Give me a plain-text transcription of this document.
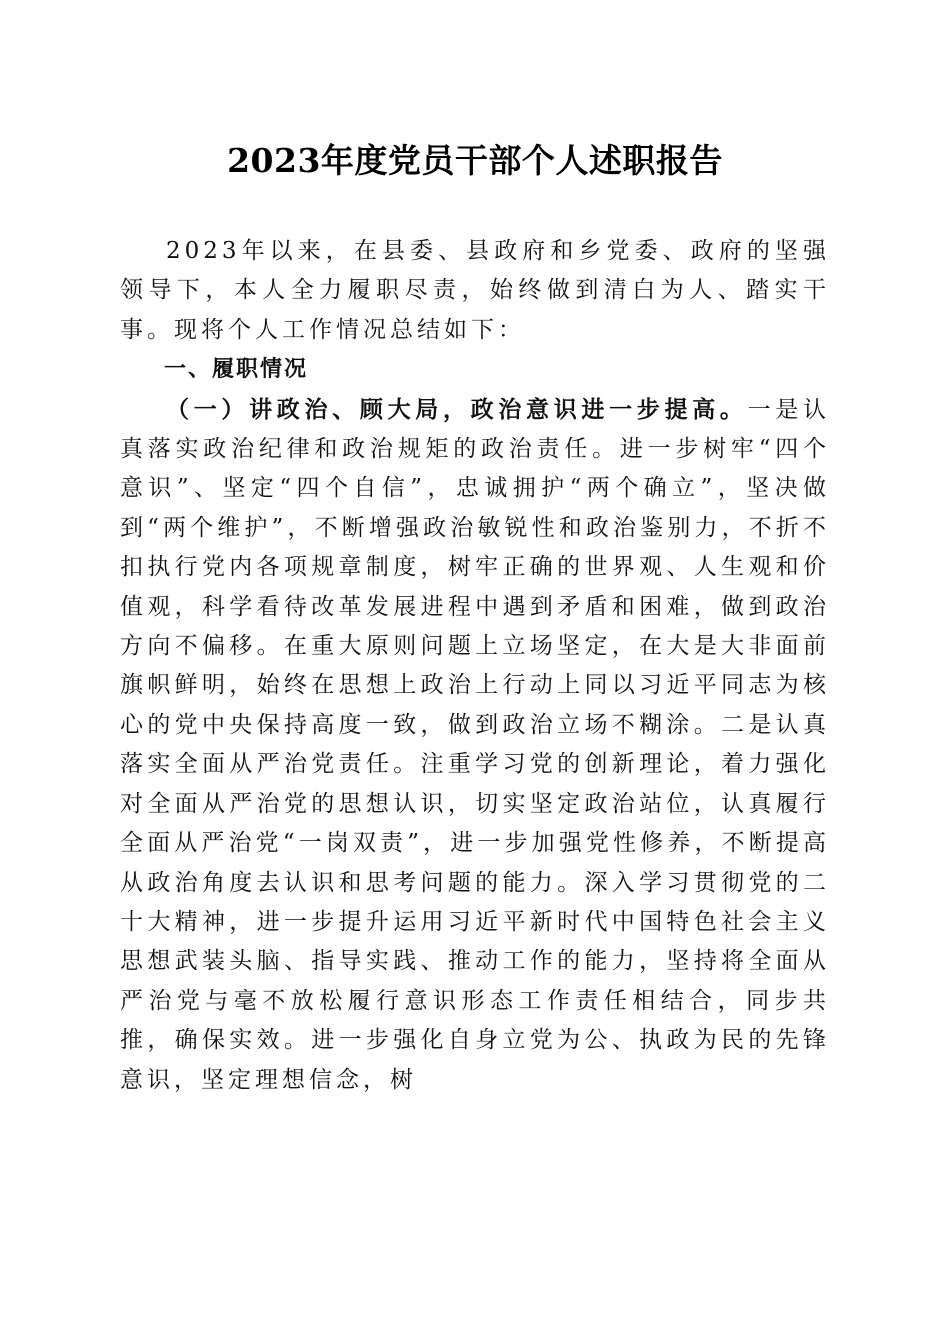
2023年度党员干部个人述职报告

2023年以来，在县委、县政府和乡党委、政府的坚强领导下，本人全力履职尽责，始终做到清白为人、踏实干事。现将个人工作情况总结如下：

一、履职情况

（一）讲政治、顾大局，政治意识进一步提高。一是认真落实政治纪律和政治规矩的政治责任。进一步树牢“四个意识”、坚定“四个自信”，忠诚拥护“两个确立”，坚决做到“两个维护”，不断增强政治敏锐性和政治鉴别力，不折不扣执行党内各项规章制度，树牢正确的世界观、人生观和价值观，科学看待改革发展进程中遇到矛盾和困难，做到政治方向不偏移。在重大原则问题上立场坚定，在大是大非面前旗帜鲜明，始终在思想上政治上行动上同以习近平同志为核心的党中央保持高度一致，做到政治立场不糊涂。二是认真落实全面从严治党责任。注重学习党的创新理论，着力强化对全面从严治党的思想认识，切实坚定政治站位，认真履行全面从严治党“一岗双责”，进一步加强党性修养，不断提高从政治角度去认识和思考问题的能力。深入学习贯彻党的二十大精神，进一步提升运用习近平新时代中国特色社会主义思想武装头脑、指导实践、推动工作的能力，坚持将全面从严治党与毫不放松履行意识形态工作责任相结合，同步共推，确保实效。进一步强化自身立党为公、执政为民的先锋意识，坚定理想信念，树
